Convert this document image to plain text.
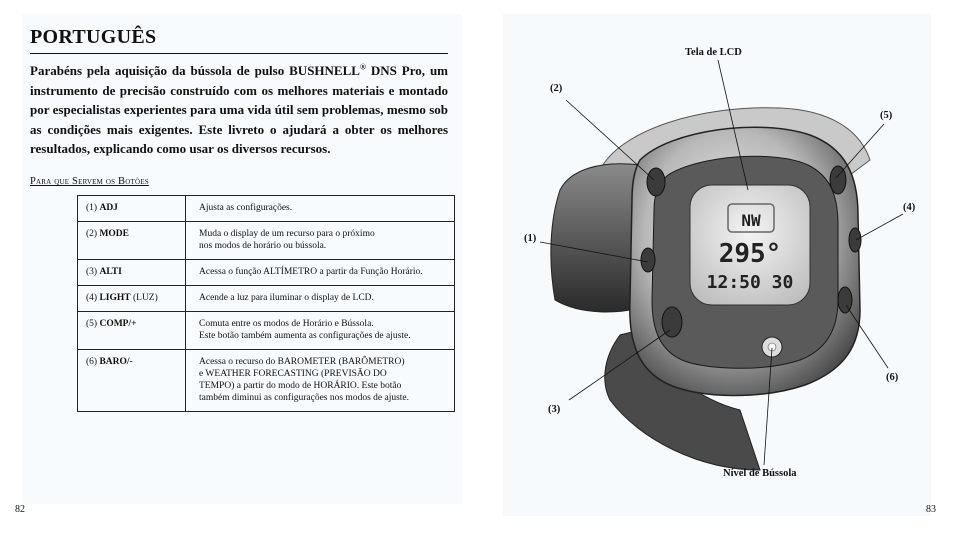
PORTUGUÊS
Parabéns pela aquisição da bússola de pulso BUSHNELL® DNS Pro, um instrumento de precisão construído com os melhores materiais e montado por especialistas experientes para uma vida útil sem problemas, mesmo sob as condições mais exigentes. Este livreto o ajudará a obter os melhores resultados, explicando como usar os diversos recursos.
Para que Servem os Botões
(1) ADJ	Ajusta as configurações.

(2) MODE	Muda o display de um recurso para o próximo
nos modos de horário ou bússola.

(3) ALTI	Acessa o função ALTÍMETRO a partir da Função Horário.

(4) LIGHT (LUZ)	Acende a luz para iluminar o display de LCD.

(5) COMP/+	Comuta entre os modos de Horário e Bússola.
Este botão também aumenta as configurações de ajuste.

(6) BARO/-	Acessa o recurso do BAROMETER (BARÔMETRO)
e WEATHER FORECASTING (PREVISÃO DO
TEMPO) a partir do modo de HORÁRIO. Este botão
também diminui as configurações nos modos de ajuste.
82
NW
295°
12:50 30
Tela de LCD
(2)
(1)
(3)
(5)
(4)
(6)
Nível de Bússola
83
